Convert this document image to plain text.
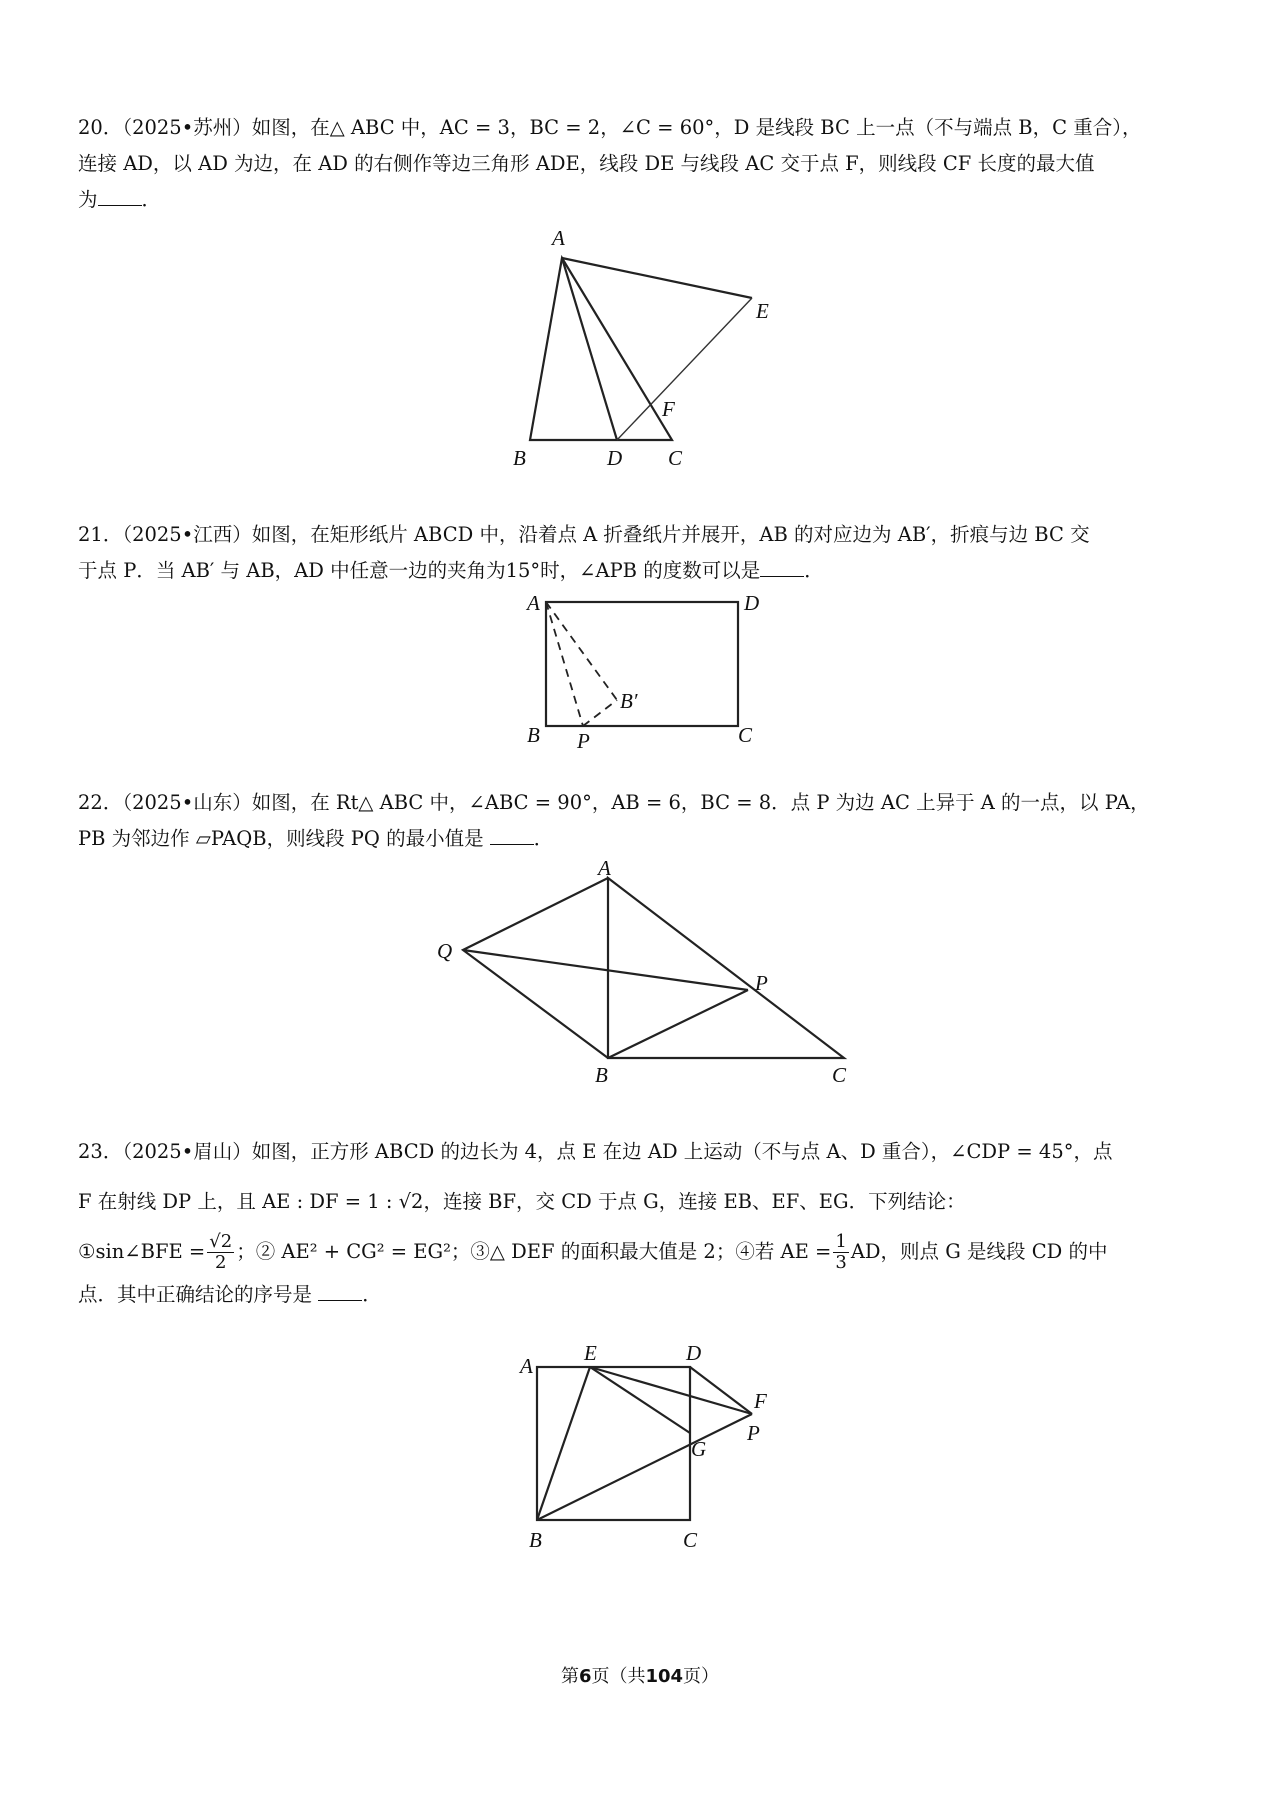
20．（2025•苏州）如图，在△ ABC 中，AC = 3，BC = 2，∠C = 60°，D 是线段 BC 上一点（不与端点 B，C 重合），

连接 AD，以 AD 为边，在 AD 的右侧作等边三角形 ADE，线段 DE 与线段 AC 交于点 F，则线段 CF 长度的最大值

为 ．

A
B	D C
E
F

21．（2025•江西）如图，在矩形纸片 ABCD 中，沿着点 A 折叠纸片并展开，AB 的对应边为 AB′，折痕与边 BC 交

于点 P．当 AB′ 与 AB，AD 中任意一边的夹角为15°时，∠APB 的度数可以是 ．

A	D
B	C
P
B′

22．（2025•山东）如图，在 Rt△ ABC 中，∠ABC = 90°，AB = 6，BC = 8．点 P 为边 AC 上异于 A 的一点，以 PA，

PB 为邻边作 ▱PAQB，则线段 PQ 的最小值是	．

A
Q
P
B	C

23．（2025•眉山）如图，正方形 ABCD 的边长为 4，点 E 在边 AD 上运动（不与点 A、D 重合），∠CDP = 45°，点

F 在射线 DP 上，且 AE : DF = 1 : √2，连接 BF，交 CD 于点 G，连接 EB、EF、EG．下列结论：

①sin∠BFE = $\frac{√2}{2}$ ；② AE² + CG² = EG²；③△ DEF 的面积最大值是 2；④若 AE = $\frac{1}{3}$ AD，则点 G 是线段 CD 的中

点．其中正确结论的序号是	．

A
E	D
F
P
G
B	C
第6页（共104页）
